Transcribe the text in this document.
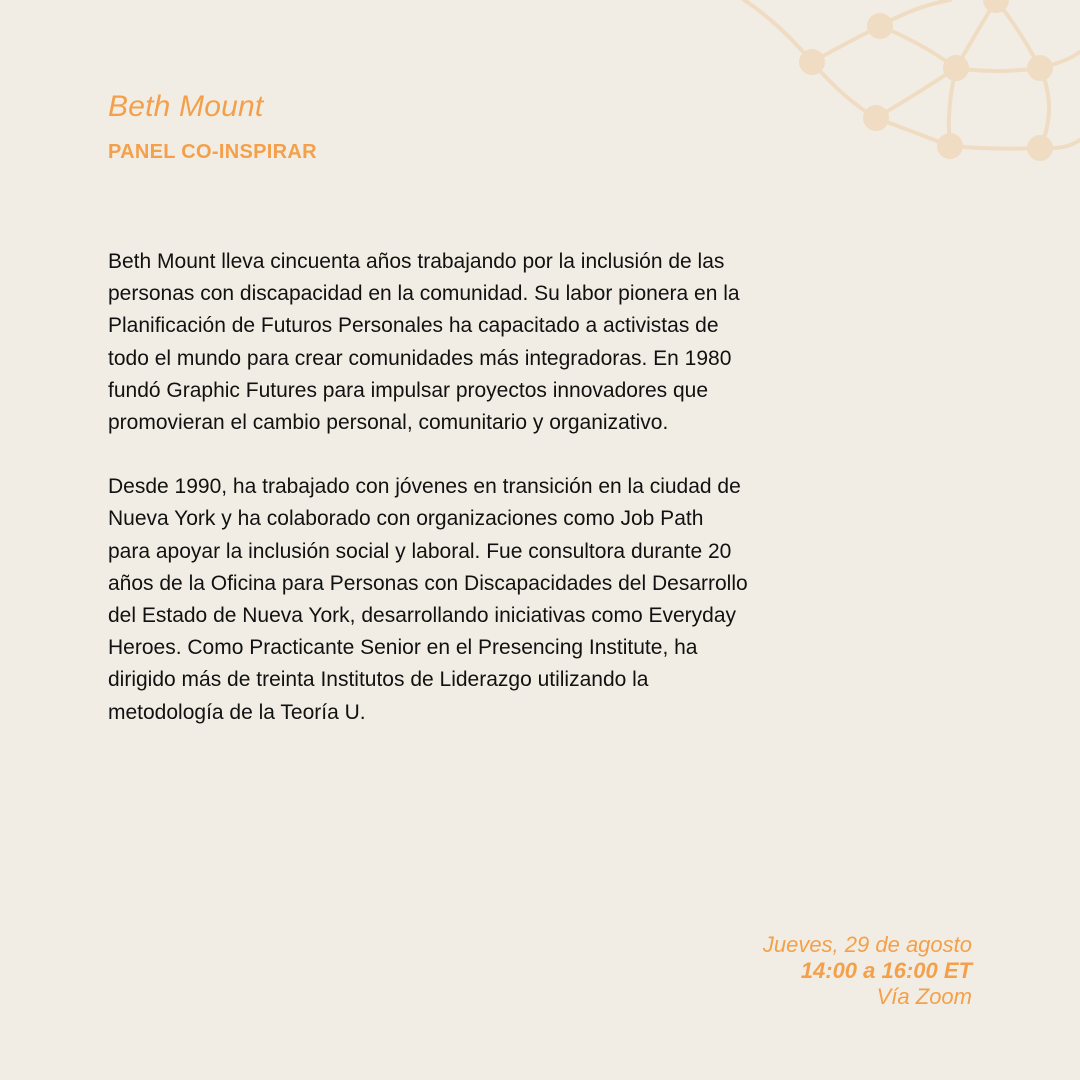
Beth Mount
PANEL CO-INSPIRAR

Beth Mount lleva cincuenta años trabajando por la inclusión de las personas con discapacidad en la comunidad. Su labor pionera en la Planificación de Futuros Personales ha capacitado a activistas de todo el mundo para crear comunidades más integradoras. En 1980 fundó Graphic Futures para impulsar proyectos innovadores que promovieran el cambio personal, comunitario y organizativo.

Desde 1990, ha trabajado con jóvenes en transición en la ciudad de Nueva York y ha colaborado con organizaciones como Job Path para apoyar la inclusión social y laboral. Fue consultora durante 20 años de la Oficina para Personas con Discapacidades del Desarrollo del Estado de Nueva York, desarrollando iniciativas como Everyday Heroes. Como Practicante Senior en el Presencing Institute, ha dirigido más de treinta Institutos de Liderazgo utilizando la metodología de la Teoría U.

Jueves, 29 de agosto
14:00 a 16:00 ET
Vía Zoom
